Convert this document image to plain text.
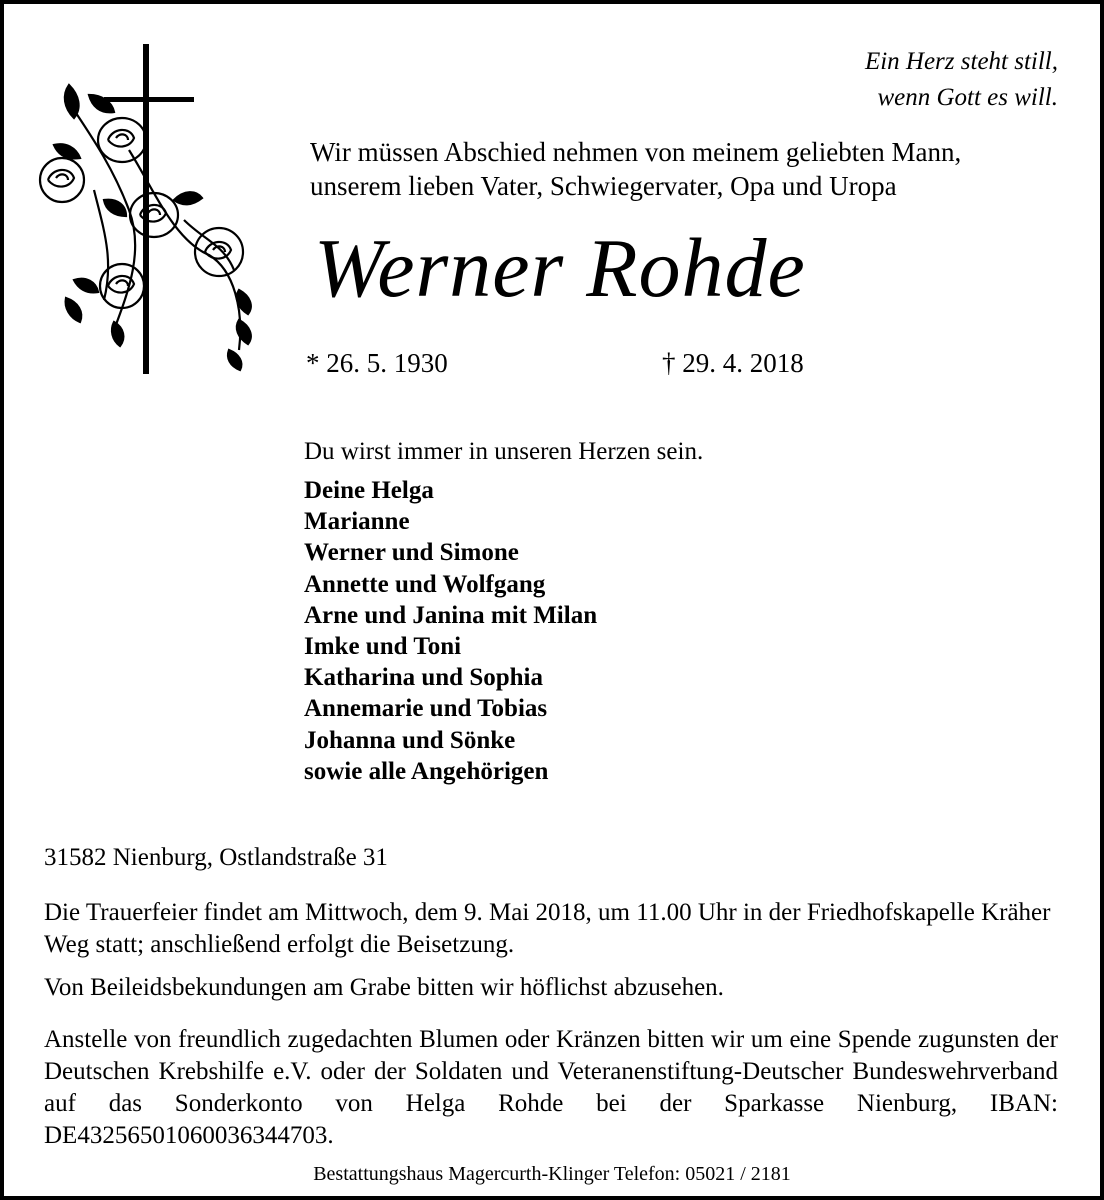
Ein Herz steht still,
wenn Gott es will.
Wir müssen Abschied nehmen von meinem geliebten Mann,
unserem lieben Vater, Schwiegervater, Opa und Uropa
Werner Rohde
* 26. 5. 1930	† 29. 4. 2018
Du wirst immer in unseren Herzen sein.
Deine Helga
Marianne
Werner und Simone
Annette und Wolfgang
Arne und Janina mit Milan
Imke und Toni
Katharina und Sophia
Annemarie und Tobias
Johanna und Sönke
sowie alle Angehörigen
31582 Nienburg, Ostlandstraße 31
Die Trauerfeier findet am Mittwoch, dem 9. Mai 2018, um 11.00 Uhr in der Friedhofskapelle Kräher Weg statt; anschließend erfolgt die Beisetzung.
Von Beileidsbekundungen am Grabe bitten wir höflichst abzusehen.
Anstelle von freundlich zugedachten Blumen oder Kränzen bitten wir um eine Spende zugunsten der Deutschen Krebshilfe e.V. oder der Soldaten und Veteranenstiftung-Deutscher Bundeswehrverband auf das Sonderkonto von Helga Rohde bei der Sparkasse Nienburg, IBAN: DE43256501060036344703.
Bestattungshaus Magercurth-Klinger Telefon: 05021 / 2181
